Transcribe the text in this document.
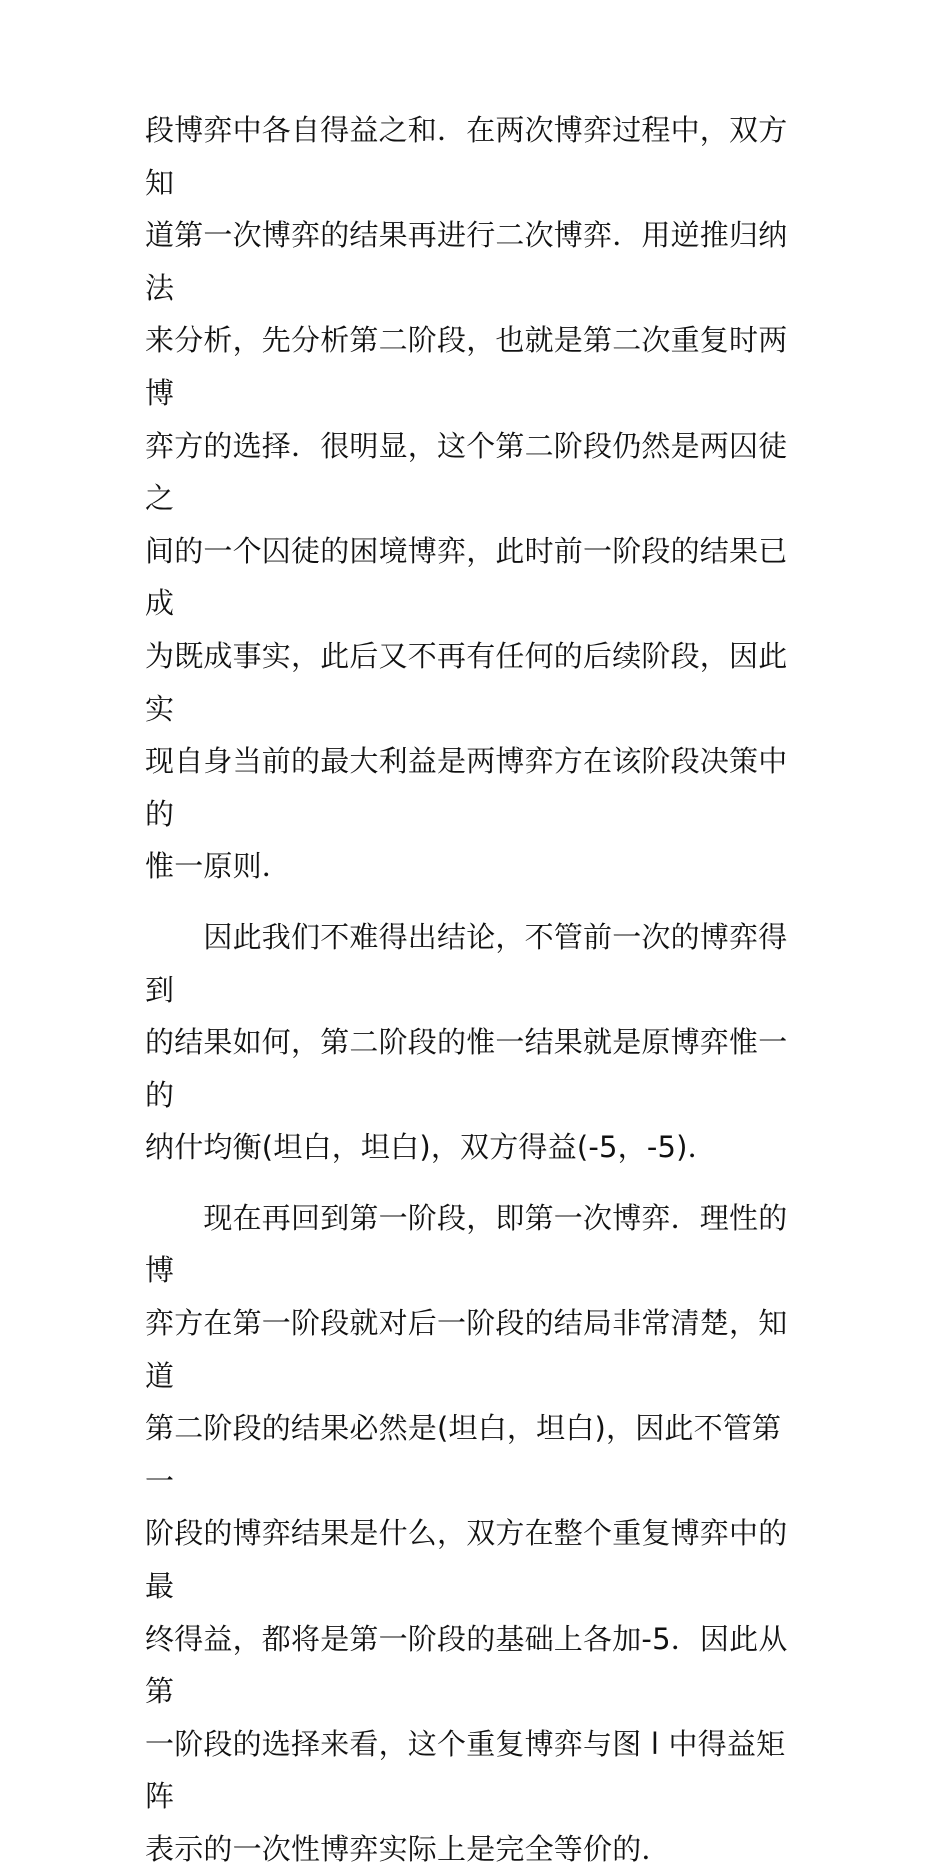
段博弈中各自得益之和．在两次博弈过程中，双方知
道第一次博弈的结果再进行二次博弈．用逆推归纳法
来分析，先分析第二阶段，也就是第二次重复时两博
弈方的选择．很明显，这个第二阶段仍然是两囚徒之
间的一个囚徒的困境博弈，此时前一阶段的结果已成
为既成事实，此后又不再有任何的后续阶段，因此实
现自身当前的最大利益是两博弈方在该阶段决策中的
惟一原则．

　　因此我们不难得出结论，不管前一次的博弈得到
的结果如何，第二阶段的惟一结果就是原博弈惟一的
纳什均衡(坦白，坦白)，双方得益(-5，-5)．

　　现在再回到第一阶段，即第一次博弈．理性的博
弈方在第一阶段就对后一阶段的结局非常清楚，知道
第二阶段的结果必然是(坦白，坦白)，因此不管第一
阶段的博弈结果是什么，双方在整个重复博弈中的最
终得益，都将是第一阶段的基础上各加-5．因此从第
一阶段的选择来看，这个重复博弈与图 l 中得益矩阵
表示的一次性博弈实际上是完全等价的．
